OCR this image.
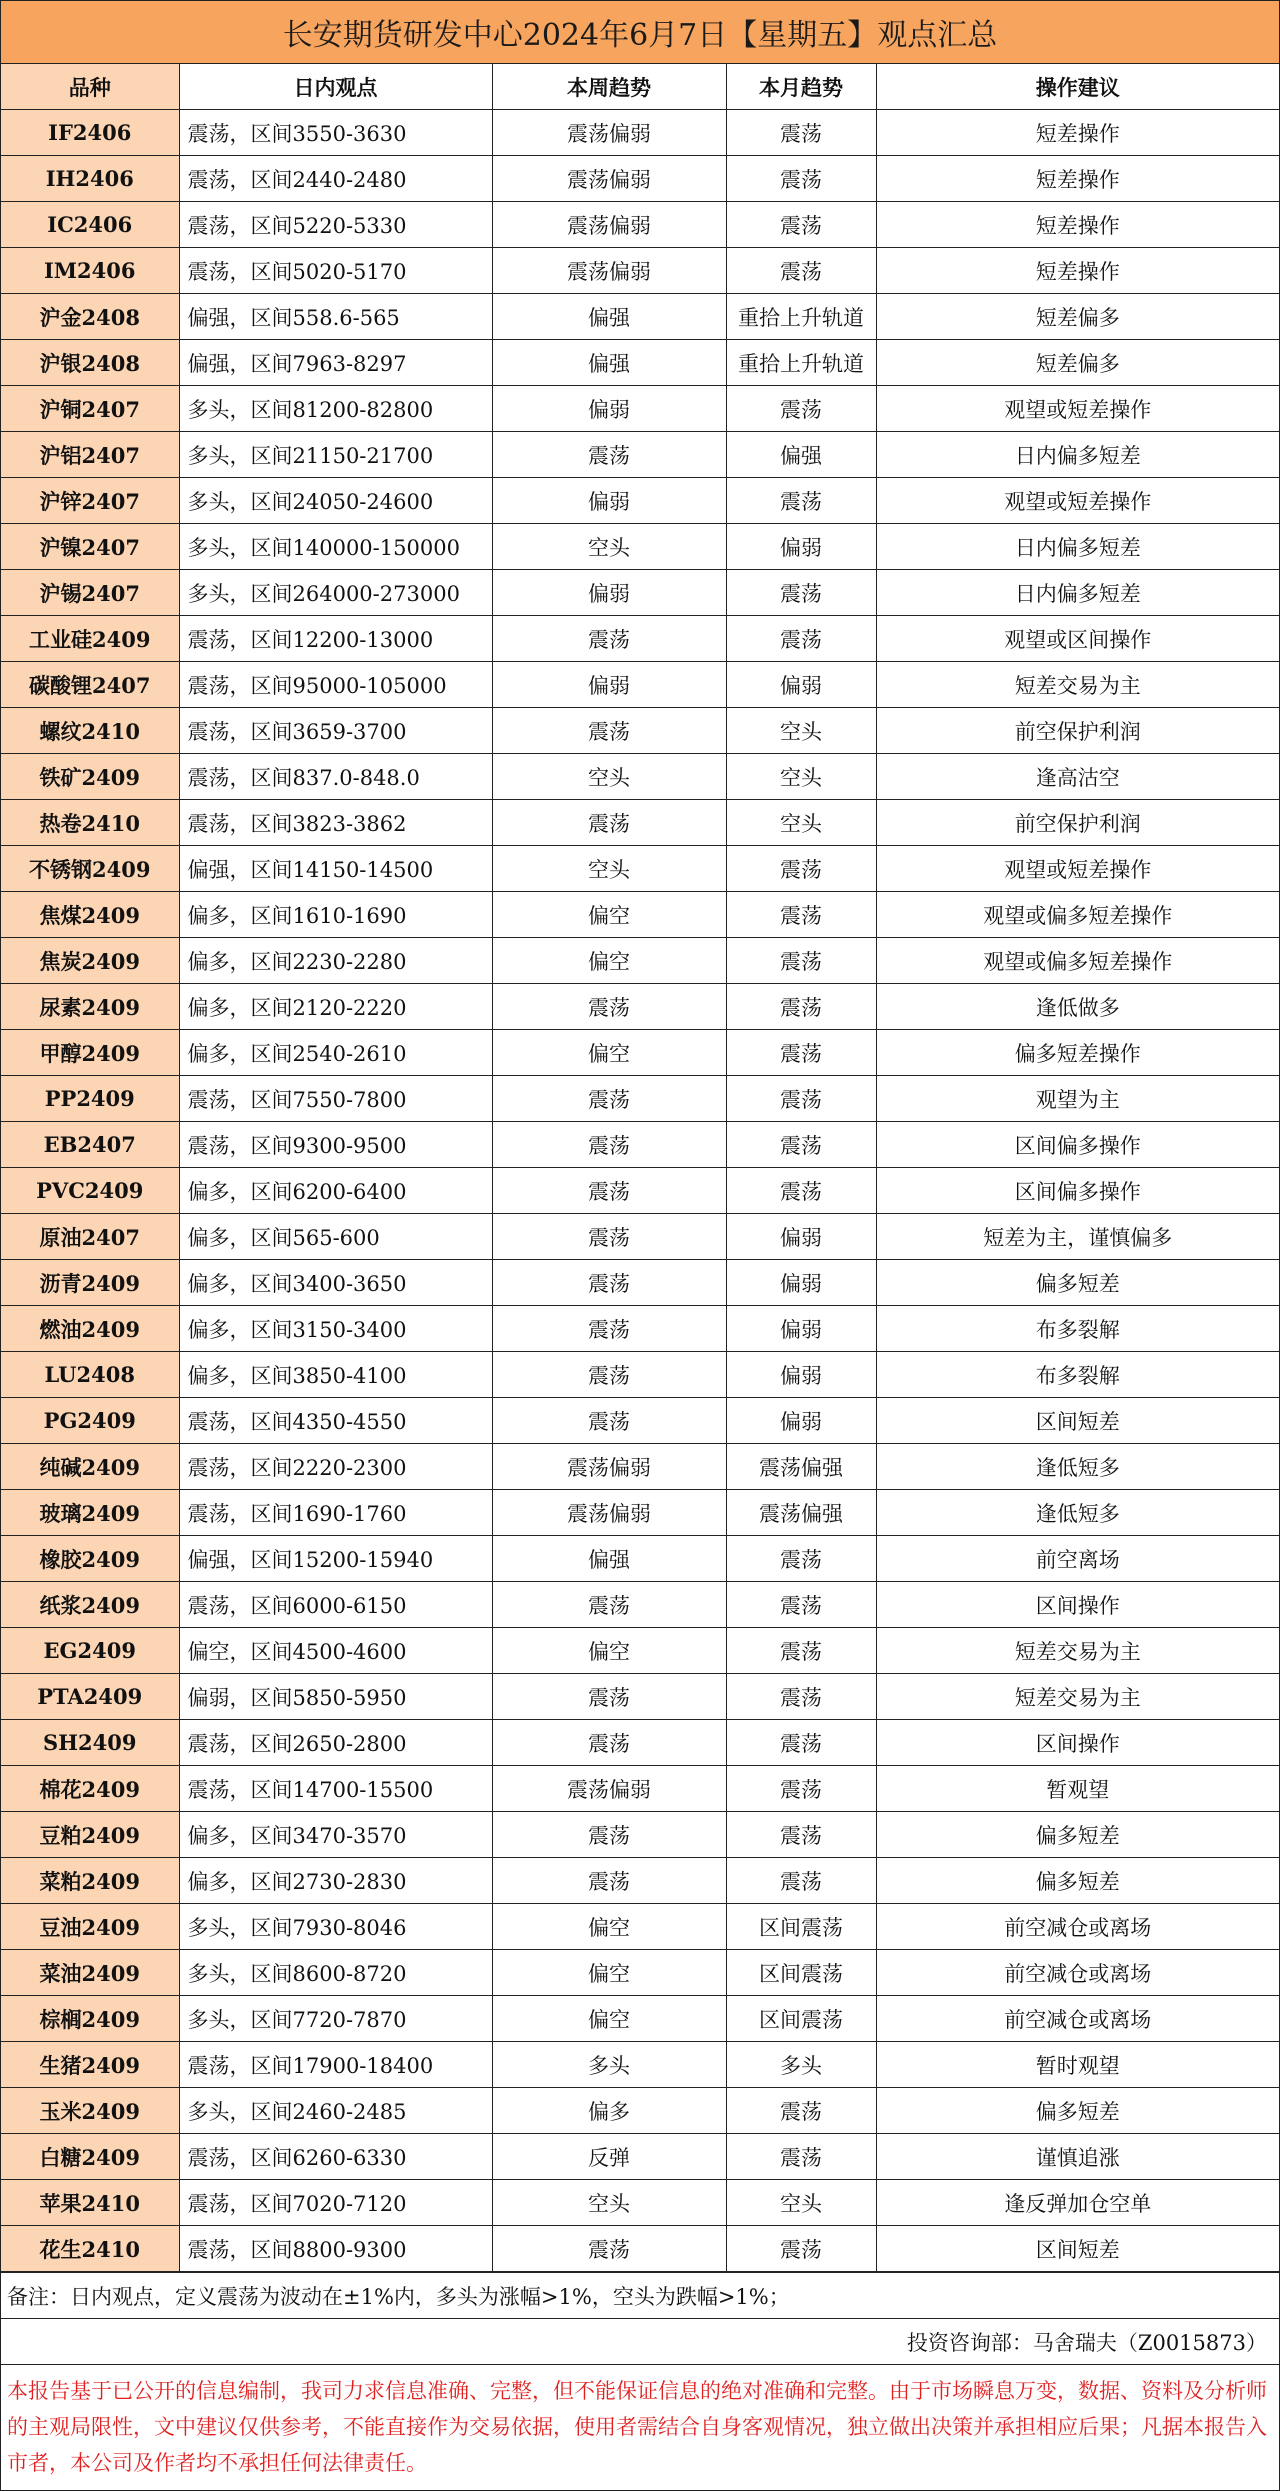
长安期货研发中心2024年6月7日【星期五】观点汇总
品种	日内观点	本周趋势	本月趋势	操作建议
IF2406	震荡，区间3550-3630	震荡偏弱	震荡	短差操作
IH2406	震荡，区间2440-2480	震荡偏弱	震荡	短差操作
IC2406	震荡，区间5220-5330	震荡偏弱	震荡	短差操作
IM2406	震荡，区间5020-5170	震荡偏弱	震荡	短差操作
沪金2408	偏强，区间558.6-565	偏强	重拾上升轨道	短差偏多
沪银2408	偏强，区间7963-8297	偏强	重拾上升轨道	短差偏多
沪铜2407	多头，区间81200-82800	偏弱	震荡	观望或短差操作
沪铝2407	多头，区间21150-21700	震荡	偏强	日内偏多短差
沪锌2407	多头，区间24050-24600	偏弱	震荡	观望或短差操作
沪镍2407	多头，区间140000-150000	空头	偏弱	日内偏多短差
沪锡2407	多头，区间264000-273000	偏弱	震荡	日内偏多短差
工业硅2409	震荡，区间12200-13000	震荡	震荡	观望或区间操作
碳酸锂2407	震荡，区间95000-105000	偏弱	偏弱	短差交易为主
螺纹2410	震荡，区间3659-3700	震荡	空头	前空保护利润
铁矿2409	震荡，区间837.0-848.0	空头	空头	逢高沽空
热卷2410	震荡，区间3823-3862	震荡	空头	前空保护利润
不锈钢2409	偏强，区间14150-14500	空头	震荡	观望或短差操作
焦煤2409	偏多，区间1610-1690	偏空	震荡	观望或偏多短差操作
焦炭2409	偏多，区间2230-2280	偏空	震荡	观望或偏多短差操作
尿素2409	偏多，区间2120-2220	震荡	震荡	逢低做多
甲醇2409	偏多，区间2540-2610	偏空	震荡	偏多短差操作
PP2409	震荡，区间7550-7800	震荡	震荡	观望为主
EB2407	震荡，区间9300-9500	震荡	震荡	区间偏多操作
PVC2409	偏多，区间6200-6400	震荡	震荡	区间偏多操作
原油2407	偏多，区间565-600	震荡	偏弱	短差为主，谨慎偏多
沥青2409	偏多，区间3400-3650	震荡	偏弱	偏多短差
燃油2409	偏多，区间3150-3400	震荡	偏弱	布多裂解
LU2408	偏多，区间3850-4100	震荡	偏弱	布多裂解
PG2409	震荡，区间4350-4550	震荡	偏弱	区间短差
纯碱2409	震荡，区间2220-2300	震荡偏弱	震荡偏强	逢低短多
玻璃2409	震荡，区间1690-1760	震荡偏弱	震荡偏强	逢低短多
橡胶2409	偏强，区间15200-15940	偏强	震荡	前空离场
纸浆2409	震荡，区间6000-6150	震荡	震荡	区间操作
EG2409	偏空，区间4500-4600	偏空	震荡	短差交易为主
PTA2409	偏弱，区间5850-5950	震荡	震荡	短差交易为主
SH2409	震荡，区间2650-2800	震荡	震荡	区间操作
棉花2409	震荡，区间14700-15500	震荡偏弱	震荡	暂观望
豆粕2409	偏多，区间3470-3570	震荡	震荡	偏多短差
菜粕2409	偏多，区间2730-2830	震荡	震荡	偏多短差
豆油2409	多头，区间7930-8046	偏空	区间震荡	前空减仓或离场
菜油2409	多头，区间8600-8720	偏空	区间震荡	前空减仓或离场
棕榈2409	多头，区间7720-7870	偏空	区间震荡	前空减仓或离场
生猪2409	震荡，区间17900-18400	多头	多头	暂时观望
玉米2409	多头，区间2460-2485	偏多	震荡	偏多短差
白糖2409	震荡，区间6260-6330	反弹	震荡	谨慎追涨
苹果2410	震荡，区间7020-7120	空头	空头	逢反弹加仓空单
花生2410	震荡，区间8800-9300	震荡	震荡	区间短差
备注：日内观点，定义震荡为波动在±1%内，多头为涨幅>1%，空头为跌幅>1%；
投资咨询部：马舍瑞夫（Z0015873）
本报告基于已公开的信息编制，我司力求信息准确、完整，但不能保证信息的绝对准确和完整。由于市场瞬息万变，数据、资料及分析师的主观局限性，文中建议仅供参考，不能直接作为交易依据，使用者需结合自身客观情况，独立做出决策并承担相应后果；凡据本报告入市者，本公司及作者均不承担任何法律责任。
